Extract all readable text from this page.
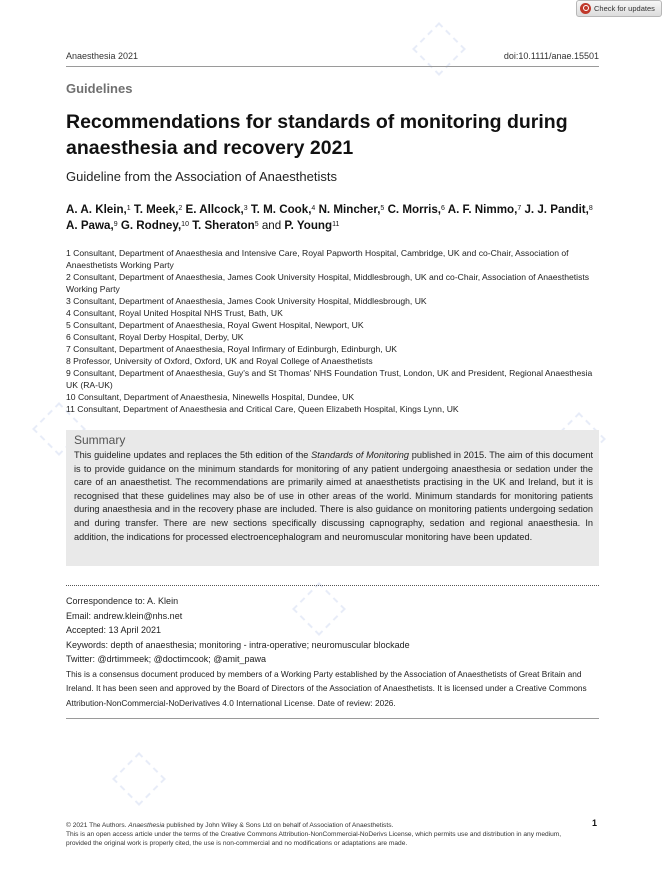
Check for updates
Anaesthesia 2021	doi:10.1111/anae.15501
Guidelines
Recommendations for standards of monitoring during anaesthesia and recovery 2021
Guideline from the Association of Anaesthetists
A. A. Klein,$^1$ T. Meek,$^2$ E. Allcock,$^3$ T. M. Cook,$^4$ N. Mincher,$^5$ C. Morris,$^6$ A. F. Nimmo,$^7$ J. J. Pandit,$^8$ A. Pawa,$^9$ G. Rodney,$^{10}$ T. Sheraton$^5$ and P. Young$^{11}$
1 Consultant, Department of Anaesthesia and Intensive Care, Royal Papworth Hospital, Cambridge, UK and co-Chair, Association of Anaesthetists Working Party
2 Consultant, Department of Anaesthesia, James Cook University Hospital, Middlesbrough, UK and co-Chair, Association of Anaesthetists Working Party
3 Consultant, Department of Anaesthesia, James Cook University Hospital, Middlesbrough, UK
4 Consultant, Royal United Hospital NHS Trust, Bath, UK
5 Consultant, Department of Anaesthesia, Royal Gwent Hospital, Newport, UK
6 Consultant, Royal Derby Hospital, Derby, UK
7 Consultant, Department of Anaesthesia, Royal Infirmary of Edinburgh, Edinburgh, UK
8 Professor, University of Oxford, Oxford, UK and Royal College of Anaesthetists
9 Consultant, Department of Anaesthesia, Guy's and St Thomas' NHS Foundation Trust, London, UK and President, Regional Anaesthesia UK (RA-UK)
10 Consultant, Department of Anaesthesia, Ninewells Hospital, Dundee, UK
11 Consultant, Department of Anaesthesia and Critical Care, Queen Elizabeth Hospital, Kings Lynn, UK
Summary
This guideline updates and replaces the 5th edition of the Standards of Monitoring published in 2015. The aim of this document is to provide guidance on the minimum standards for monitoring of any patient undergoing anaesthesia or sedation under the care of an anaesthetist. The recommendations are primarily aimed at anaesthetists practising in the UK and Ireland, but it is recognised that these guidelines may also be of use in other areas of the world. Minimum standards for monitoring patients during anaesthesia and in the recovery phase are included. There is also guidance on monitoring patients undergoing sedation and during transfer. There are new sections specifically discussing capnography, sedation and regional anaesthesia. In addition, the indications for processed electroencephalogram and neuromuscular monitoring have been updated.
Correspondence to: A. Klein
Email: andrew.klein@nhs.net
Accepted: 13 April 2021
Keywords: depth of anaesthesia; monitoring - intra-operative; neuromuscular blockade
Twitter: @drtimmeek; @doctimcook; @amit_pawa
This is a consensus document produced by members of a Working Party established by the Association of Anaesthetists of Great Britain and Ireland. It has been seen and approved by the Board of Directors of the Association of Anaesthetists. It is licensed under a Creative Commons Attribution-NonCommercial-NoDerivatives 4.0 International License. Date of review: 2026.
© 2021 The Authors. Anaesthesia published by John Wiley & Sons Ltd on behalf of Association of Anaesthetists.
This is an open access article under the terms of the Creative Commons Attribution-NonCommercial-NoDerivs License, which permits use and distribution in any medium, provided the original work is properly cited, the use is non-commercial and no modifications or adaptations are made.
1
